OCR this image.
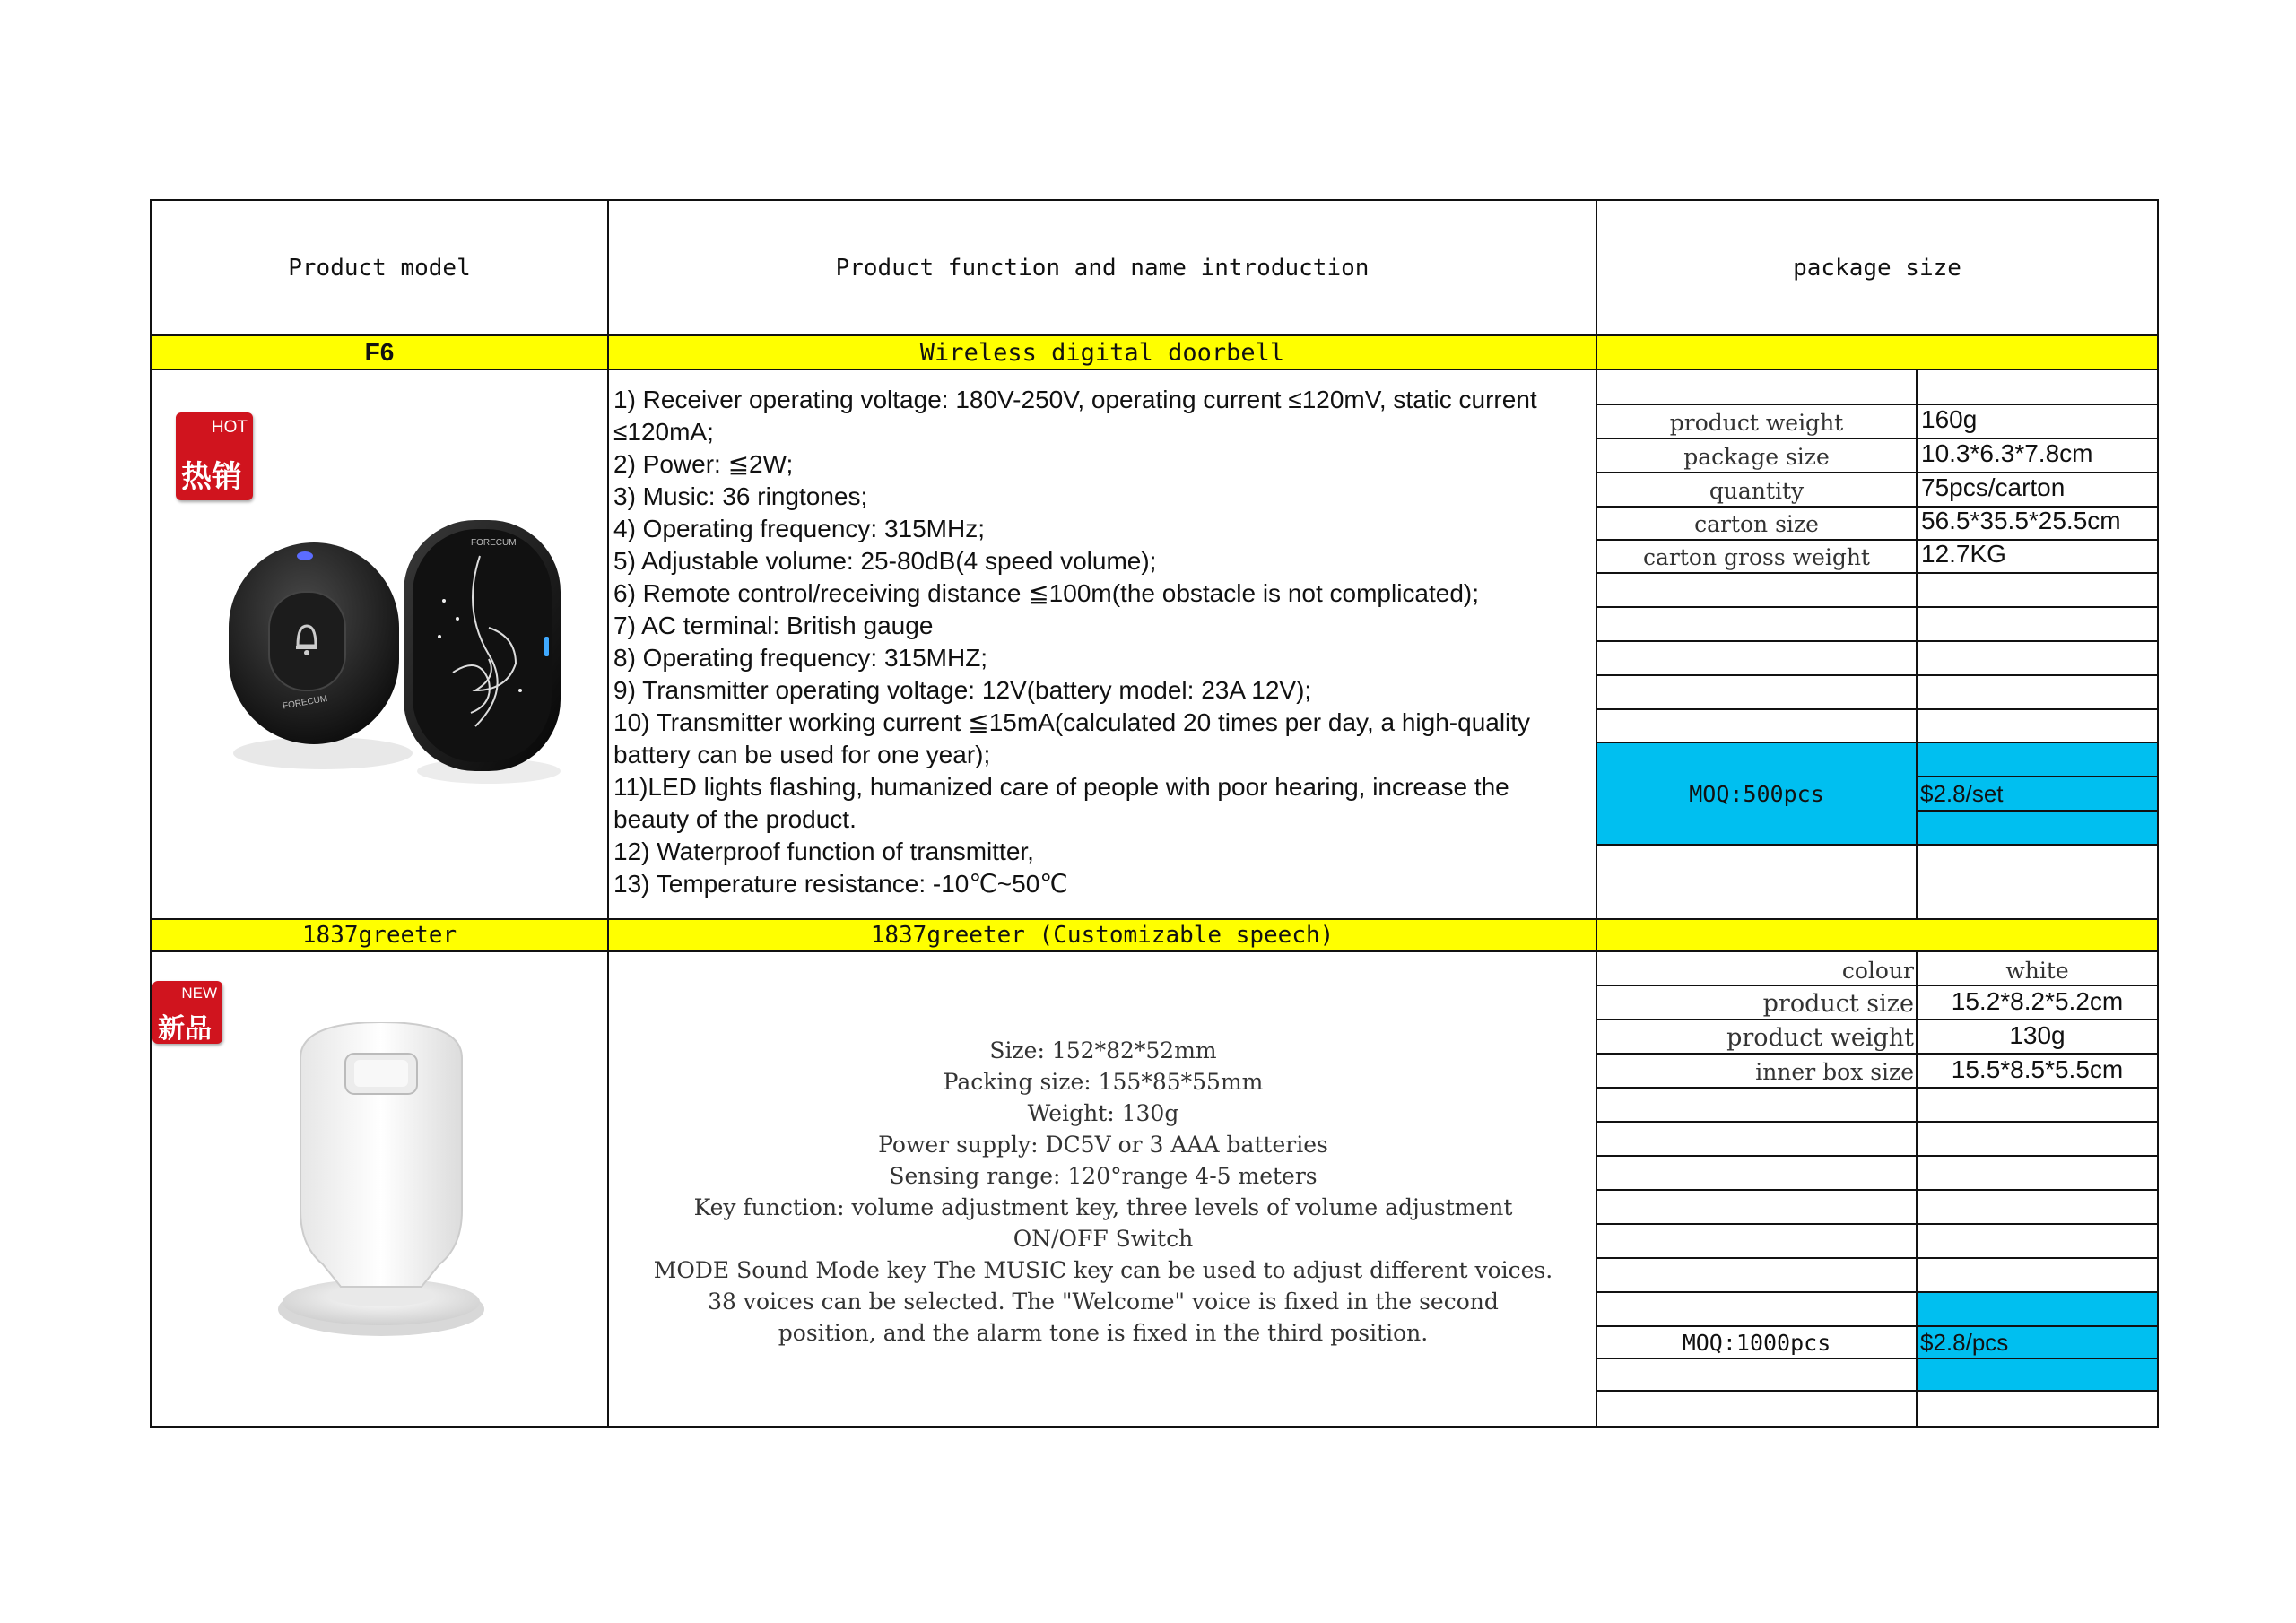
Product model	Product function and name introduction	package size
F6	Wireless digital doorbell
HOT
热销
FORECUM
FORECUM
1) Receiver operating voltage: 180V-250V, operating current ≤120mV, static current
≤120mA;
2) Power: ≦2W;
3) Music: 36 ringtones;
4) Operating frequency: 315MHz;
5) Adjustable volume: 25-80dB(4 speed volume);
6) Remote control/receiving distance ≦100m(the obstacle is not complicated);
7) AC terminal: British gauge
8) Operating frequency: 315MHZ;
9) Transmitter operating voltage: 12V(battery model: 23A 12V);
10) Transmitter working current ≦15mA(calculated 20 times per day, a high-quality
battery can be used for one year);
11)LED lights flashing, humanized care of people with poor hearing, increase the
beauty of the product.
12) Waterproof function of transmitter,
13) Temperature resistance: -10℃~50℃
product weight	160g
package size	10.3*6.3*7.8cm
quantity	75pcs/carton
carton size	56.5*35.5*25.5cm
carton gross weight	12.7KG
MOQ:500pcs	$2.8/set
1837greeter	1837greeter (Customizable speech)
NEW
新品
Size: 152*82*52mm
Packing size: 155*85*55mm
Weight: 130g
Power supply: DC5V or 3 AAA batteries
Sensing range: 120°range 4-5 meters
Key function: volume adjustment key, three levels of volume adjustment
ON/OFF Switch
MODE Sound Mode key The MUSIC key can be used to adjust different voices.
38 voices can be selected. The "Welcome" voice is fixed in the second
position, and the alarm tone is fixed in the third position.
colour	white
product size	15.2*8.2*5.2cm
product weight	130g
inner box size	15.5*8.5*5.5cm
MOQ:1000pcs	$2.8/pcs
